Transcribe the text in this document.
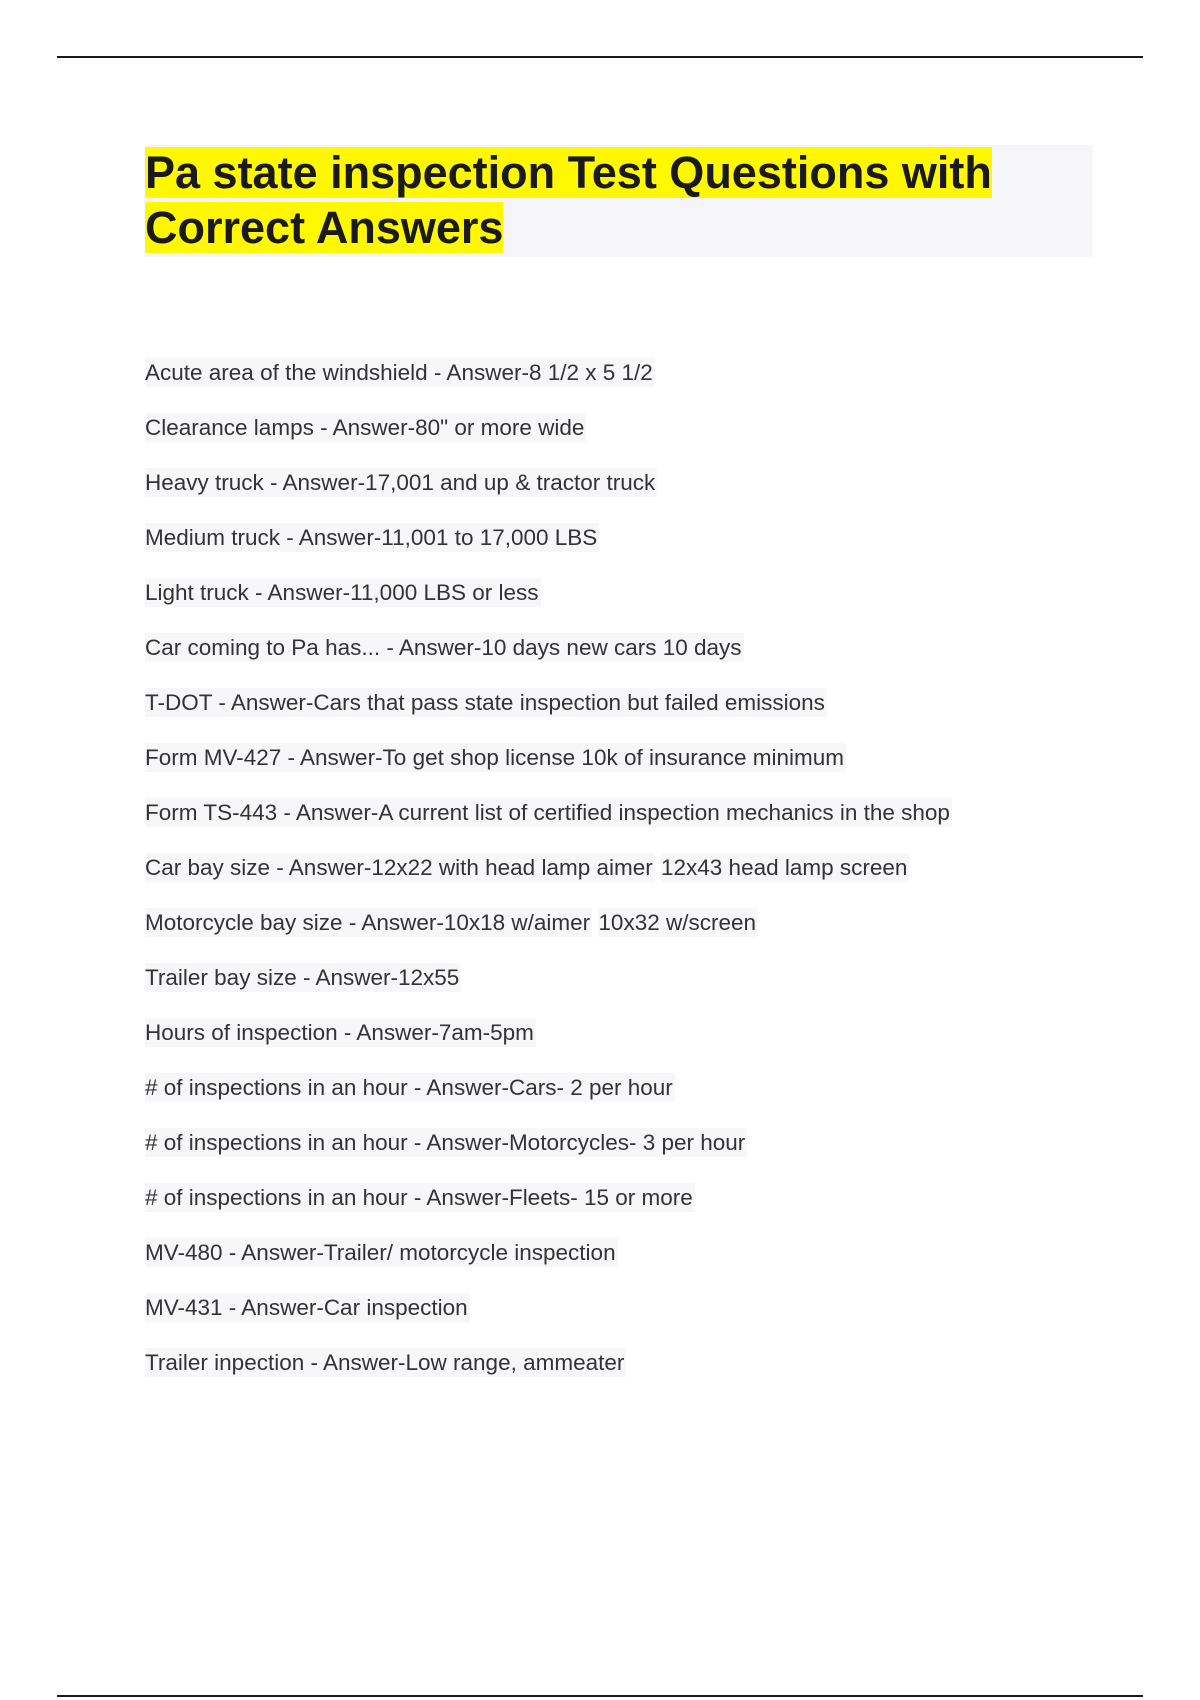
Pa state inspection Test Questions with
Correct Answers
Acute area of the windshield - Answer-8 1/2 x 5 1/2
Clearance lamps - Answer-80" or more wide
Heavy truck - Answer-17,001 and up & tractor truck
Medium truck - Answer-11,001 to 17,000 LBS
Light truck - Answer-11,000 LBS or less
Car coming to Pa has... - Answer-10 days new cars 10 days
T-DOT - Answer-Cars that pass state inspection but failed emissions
Form MV-427 - Answer-To get shop license 10k of insurance minimum
Form TS-443 - Answer-A current list of certified inspection mechanics in the shop
Car bay size - Answer-12x22 with head lamp aimer 12x43 head lamp screen
Motorcycle bay size - Answer-10x18 w/aimer 10x32 w/screen
Trailer bay size - Answer-12x55
Hours of inspection - Answer-7am-5pm
# of inspections in an hour - Answer-Cars- 2 per hour
# of inspections in an hour - Answer-Motorcycles- 3 per hour
# of inspections in an hour - Answer-Fleets- 15 or more
MV-480 - Answer-Trailer/ motorcycle inspection
MV-431 - Answer-Car inspection
Trailer inpection - Answer-Low range, ammeater
